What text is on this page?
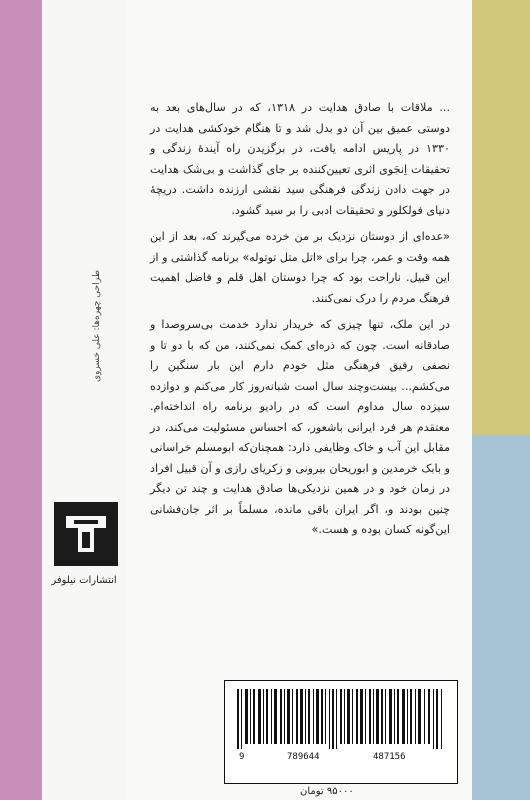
... ملاقات با صادق هدایت در ۱۳۱۸، که در سال‌های بعد به دوستی عمیق بین آن دو بدل شد و تا هنگام خودکشی هدایت در ۱۳۳۰ در پاریس ادامه یافت، در برگزیدن راه آیندهٔ زندگی و تحقیقات اِنجَوی اثری تعیین‌کننده بر جای گذاشت و بی‌شک هدایت در جهت دادن زندگی فرهنگی سید نقشی ارزنده داشت. دریچهٔ دنیای فولکلور و تحقیقات ادبی را بر سید گشود.

«عده‌ای از دوستان نزدیک بر من خرده می‌گیرند که، بعد از این همه وقت و عمر، چرا برای «اتل متل توتوله» برنامه گذاشتی و از این قبیل. ناراحت بود که چرا دوستان اهل قلم و فاضل اهمیت فرهنگ مردم را درک نمی‌کنند.

در این ملک، تنها چیزی که خریدار ندارد خدمت بی‌سروصدا و صادقانه است. چون که ذره‌ای کمک نمی‌کنند، من که با دو تا و نصفی رفیق فرهنگی مثل خودم دارم این بار سنگین را می‌کشم... بیست‌وچند سال است شبانه‌روز کار می‌کنم و دوازده سیزده سال مداوم است که در رادیو برنامه راه انداخته‌ام. معتقدم هر فرد ایرانی باشعور، که احساس مسئولیت می‌کند، در مقابل این آب و خاک وظایفی دارد: همچنان‌که ابومسلم خراسانی و بابک خرمدین و ابوریحان بیرونی و زکریای رازی و آن قبیل افراد در زمان خود و در همین نزدیکی‌ها صادق هدایت و چند تن دیگر چنین بودند و، اگر ایران باقی مانده، مسلماً بر اثر جان‌فشانی این‌گونه کسان بوده و هست.»

طراحی چهره‌ها: علی خسروی
انتشارات نیلوفر
9	789644	487156
۹۵۰۰۰ تومان
